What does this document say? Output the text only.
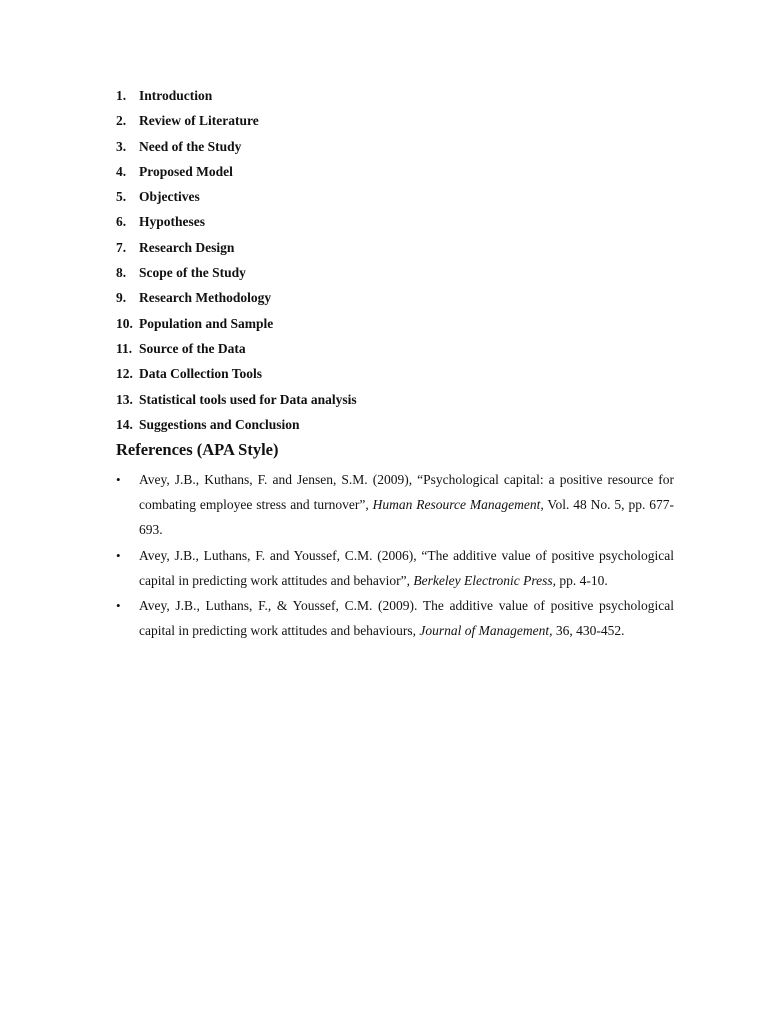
1. Introduction
2. Review of Literature
3. Need of the Study
4. Proposed Model
5. Objectives
6. Hypotheses
7. Research Design
8. Scope of the Study
9. Research Methodology
10. Population and Sample
11. Source of the Data
12. Data Collection Tools
13. Statistical tools used for Data analysis
14. Suggestions and Conclusion
References (APA Style)
• Avey, J.B., Kuthans, F. and Jensen, S.M. (2009), “Psychological capital: a positive resource for combating employee stress and turnover”, Human Resource Management, Vol. 48 No. 5, pp. 677-693.
• Avey, J.B., Luthans, F. and Youssef, C.M. (2006), “The additive value of positive psychological capital in predicting work attitudes and behavior”, Berkeley Electronic Press, pp. 4-10.
• Avey, J.B., Luthans, F., & Youssef, C.M. (2009). The additive value of positive psychological capital in predicting work attitudes and behaviours, Journal of Management, 36, 430-452.
